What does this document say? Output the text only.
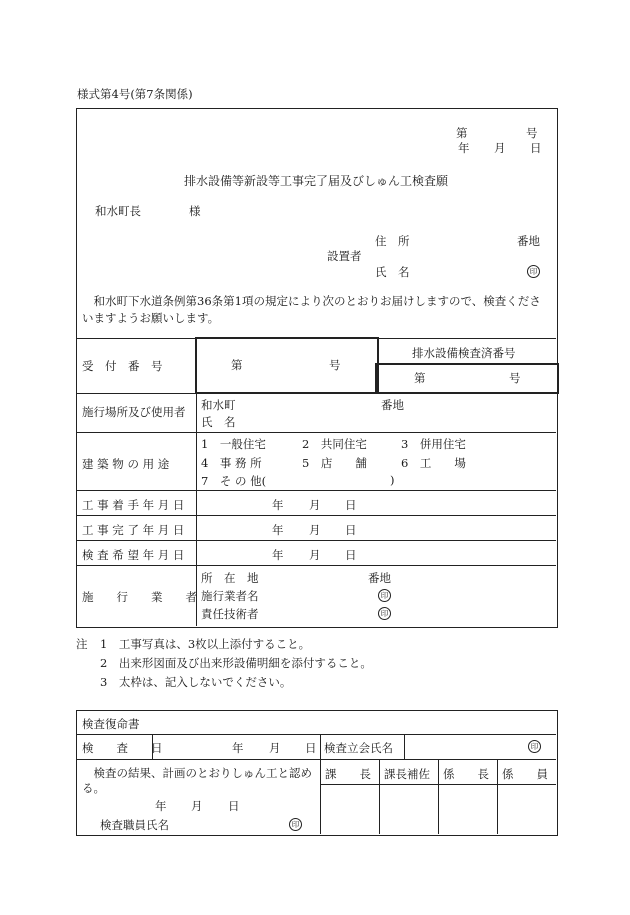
様式第4号(第7条関係)
第	号
年 月 日
排水設備等新設等工事完了届及びしゅん工検査願
和水町長	様
住　所	番地
設置者
氏　名	印
　和水町下水道条例第36条第1項の規定により次のとおりお届けしますので、検査くださ
いますようお願いします。
受　付　番　号	第	号
排水設備検査済番号
第	号
施行場所及び使用者 和水町	番地
氏　名
建 築 物 の 用 途
1　一般住宅	2　共同住宅	3　併用住宅
4　事 務 所	5　店　　舗	6　工　　場
7　そ の 他(	)
工 事 着 手 年 月 日	年 月 日
工 事 完 了 年 月 日	年 月 日
検 査 希 望 年 月 日	年 月 日
施　　行　　業　　者
所　在　地	番地
施行業者名	印
責任技術者	印
注 1　工事写真は、3枚以上添付すること。
2　出来形図面及び出来形設備明細を添付すること。
3　太枠は、記入しないでください。
検査復命書
検　　査　　日	年 月 日 検査立会氏名	印
　検査の結果、計画のとおりしゅん工と認め
る。
年 月 日
検査職員氏名	印
課　　長 課長補佐 係　　長 係　　員
